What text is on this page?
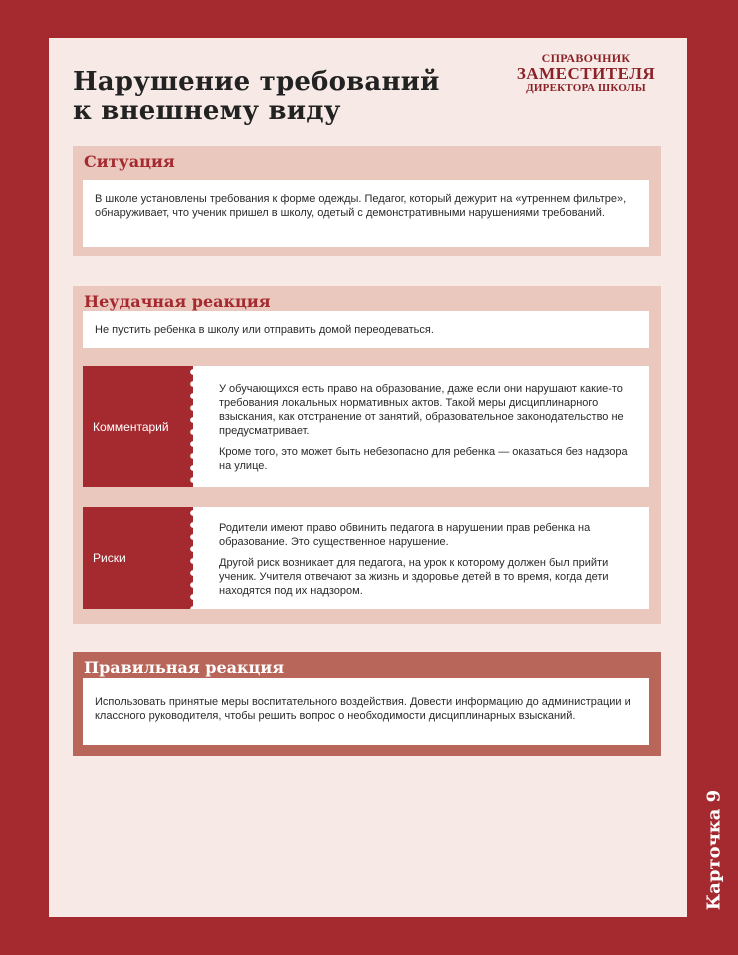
Нарушение требований
к внешнему виду
СПРАВОЧНИК
ЗАМЕСТИТЕЛЯ
ДИРЕКТОРА ШКОЛЫ
Ситуация

В школе установлены требования к форме одежды. Педагог, который дежурит на «утреннем фильтре», обнаруживает, что ученик пришел в школу, одетый с демонстративными нарушениями требований.

Неудачная реакция

Не пустить ребенка в школу или отправить домой переодеваться.

Комментарий

У обучающихся есть право на образование, даже если они нарушают какие-то требования локальных нормативных актов. Такой меры дисциплинарного взыскания, как отстранение от занятий, образовательное законодательство не предусматривает.

Кроме того, это может быть небезопасно для ребенка — оказаться без надзора на улице.

Риски

Родители имеют право обвинить педагога в нарушении прав ребенка на образование. Это существенное нарушение.

Другой риск возникает для педагога, на урок к которому должен был прийти ученик. Учителя отвечают за жизнь и здоровье детей в то время, когда дети находятся под их надзором.

Правильная реакция

Использовать принятые меры воспитательного воздействия. Довести информацию до администрации и классного руководителя, чтобы решить вопрос о необходимости дисциплинарных взысканий.

Карточка 9
